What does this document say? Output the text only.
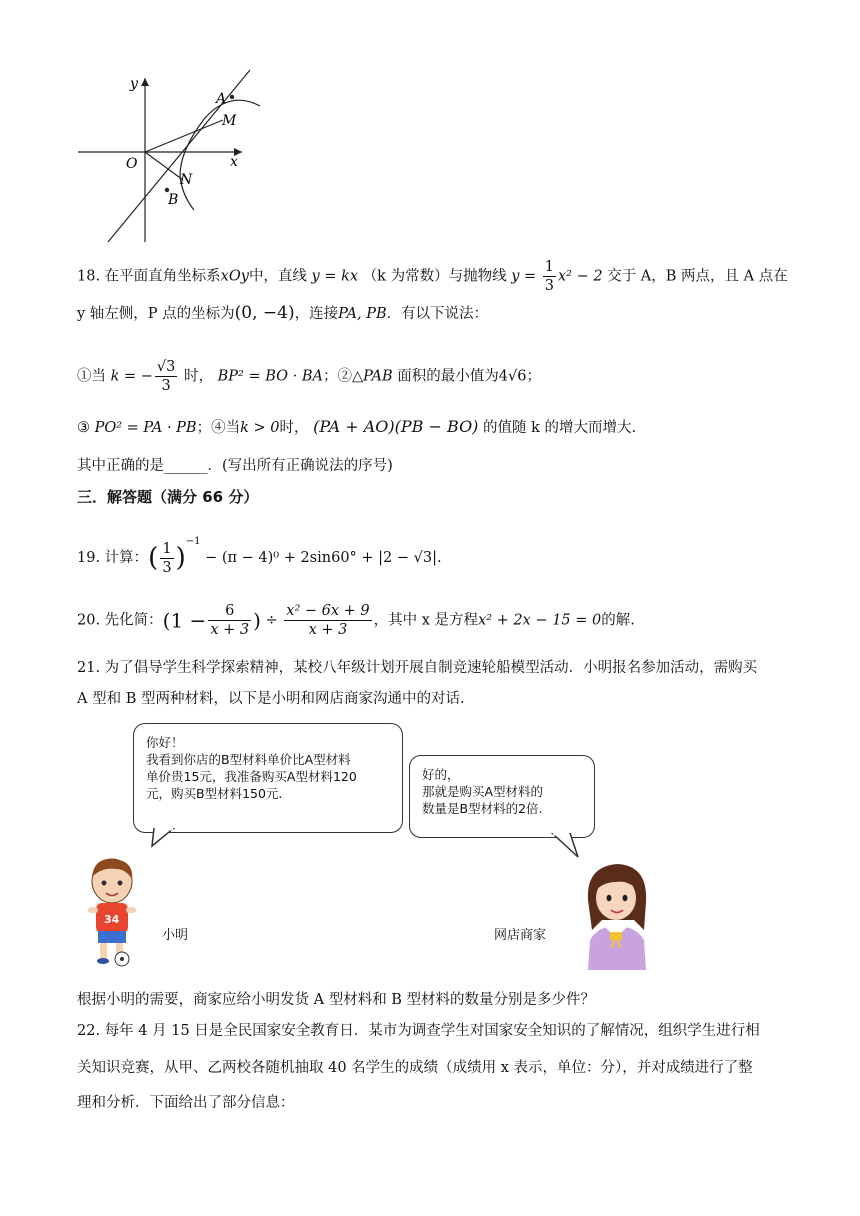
y
x
O
A
M
N
B
18. 在平面直角坐标系xOy中，直线 y = kx （k 为常数）与抛物线 $y = \frac{1}{3} x^2 - 2$ 交于 A，B 两点，且 A 点在
y 轴左侧，P 点的坐标为(0, −4)，连接PA, PB．有以下说法：
①当 k = − $\frac{√3}{3}$ 时， BP² = BO · BA；②△PAB 面积的最小值为4√6；
③ PO² = PA · PB；④当k > 0时， (PA + AO)(PB − BO) 的值随 k 的增大而增大.
其中正确的是______．(写出所有正确说法的序号)
三．解答题（满分 66 分）
19. 计算：( $\frac{1}{3} )^{-1} - (\pi - 4)^0 + 2\sin 60^\circ + |2 - √3|$.
20. 先化简：($1 - \frac{6}{x + 3}$ ) ÷ $\frac{\text{x² − 6x + 9}}{x + 3}$ ，其中 x 是方程x² + 2x − 15 = 0的解.
21. 为了倡导学生科学探索精神，某校八年级计划开展自制竞速轮船模型活动．小明报名参加活动，需购买
A 型和 B 型两种材料，以下是小明和网店商家沟通中的对话.
你好！
我看到你店的B型材料单价比A型材料
单价贵15元，我准备购买A型材料120
元，购买B型材料150元.
好的，
那就是购买A型材料的
数量是B型材料的2倍.
34
小明	网店商家
根据小明的需要，商家应给小明发货 A 型材料和 B 型材料的数量分别是多少件？
22. 每年 4 月 15 日是全民国家安全教育日．某市为调查学生对国家安全知识的了解情况，组织学生进行相
关知识竞赛，从甲、乙两校各随机抽取 40 名学生的成绩（成绩用 x 表示，单位：分），并对成绩进行了整
理和分析．下面给出了部分信息：
